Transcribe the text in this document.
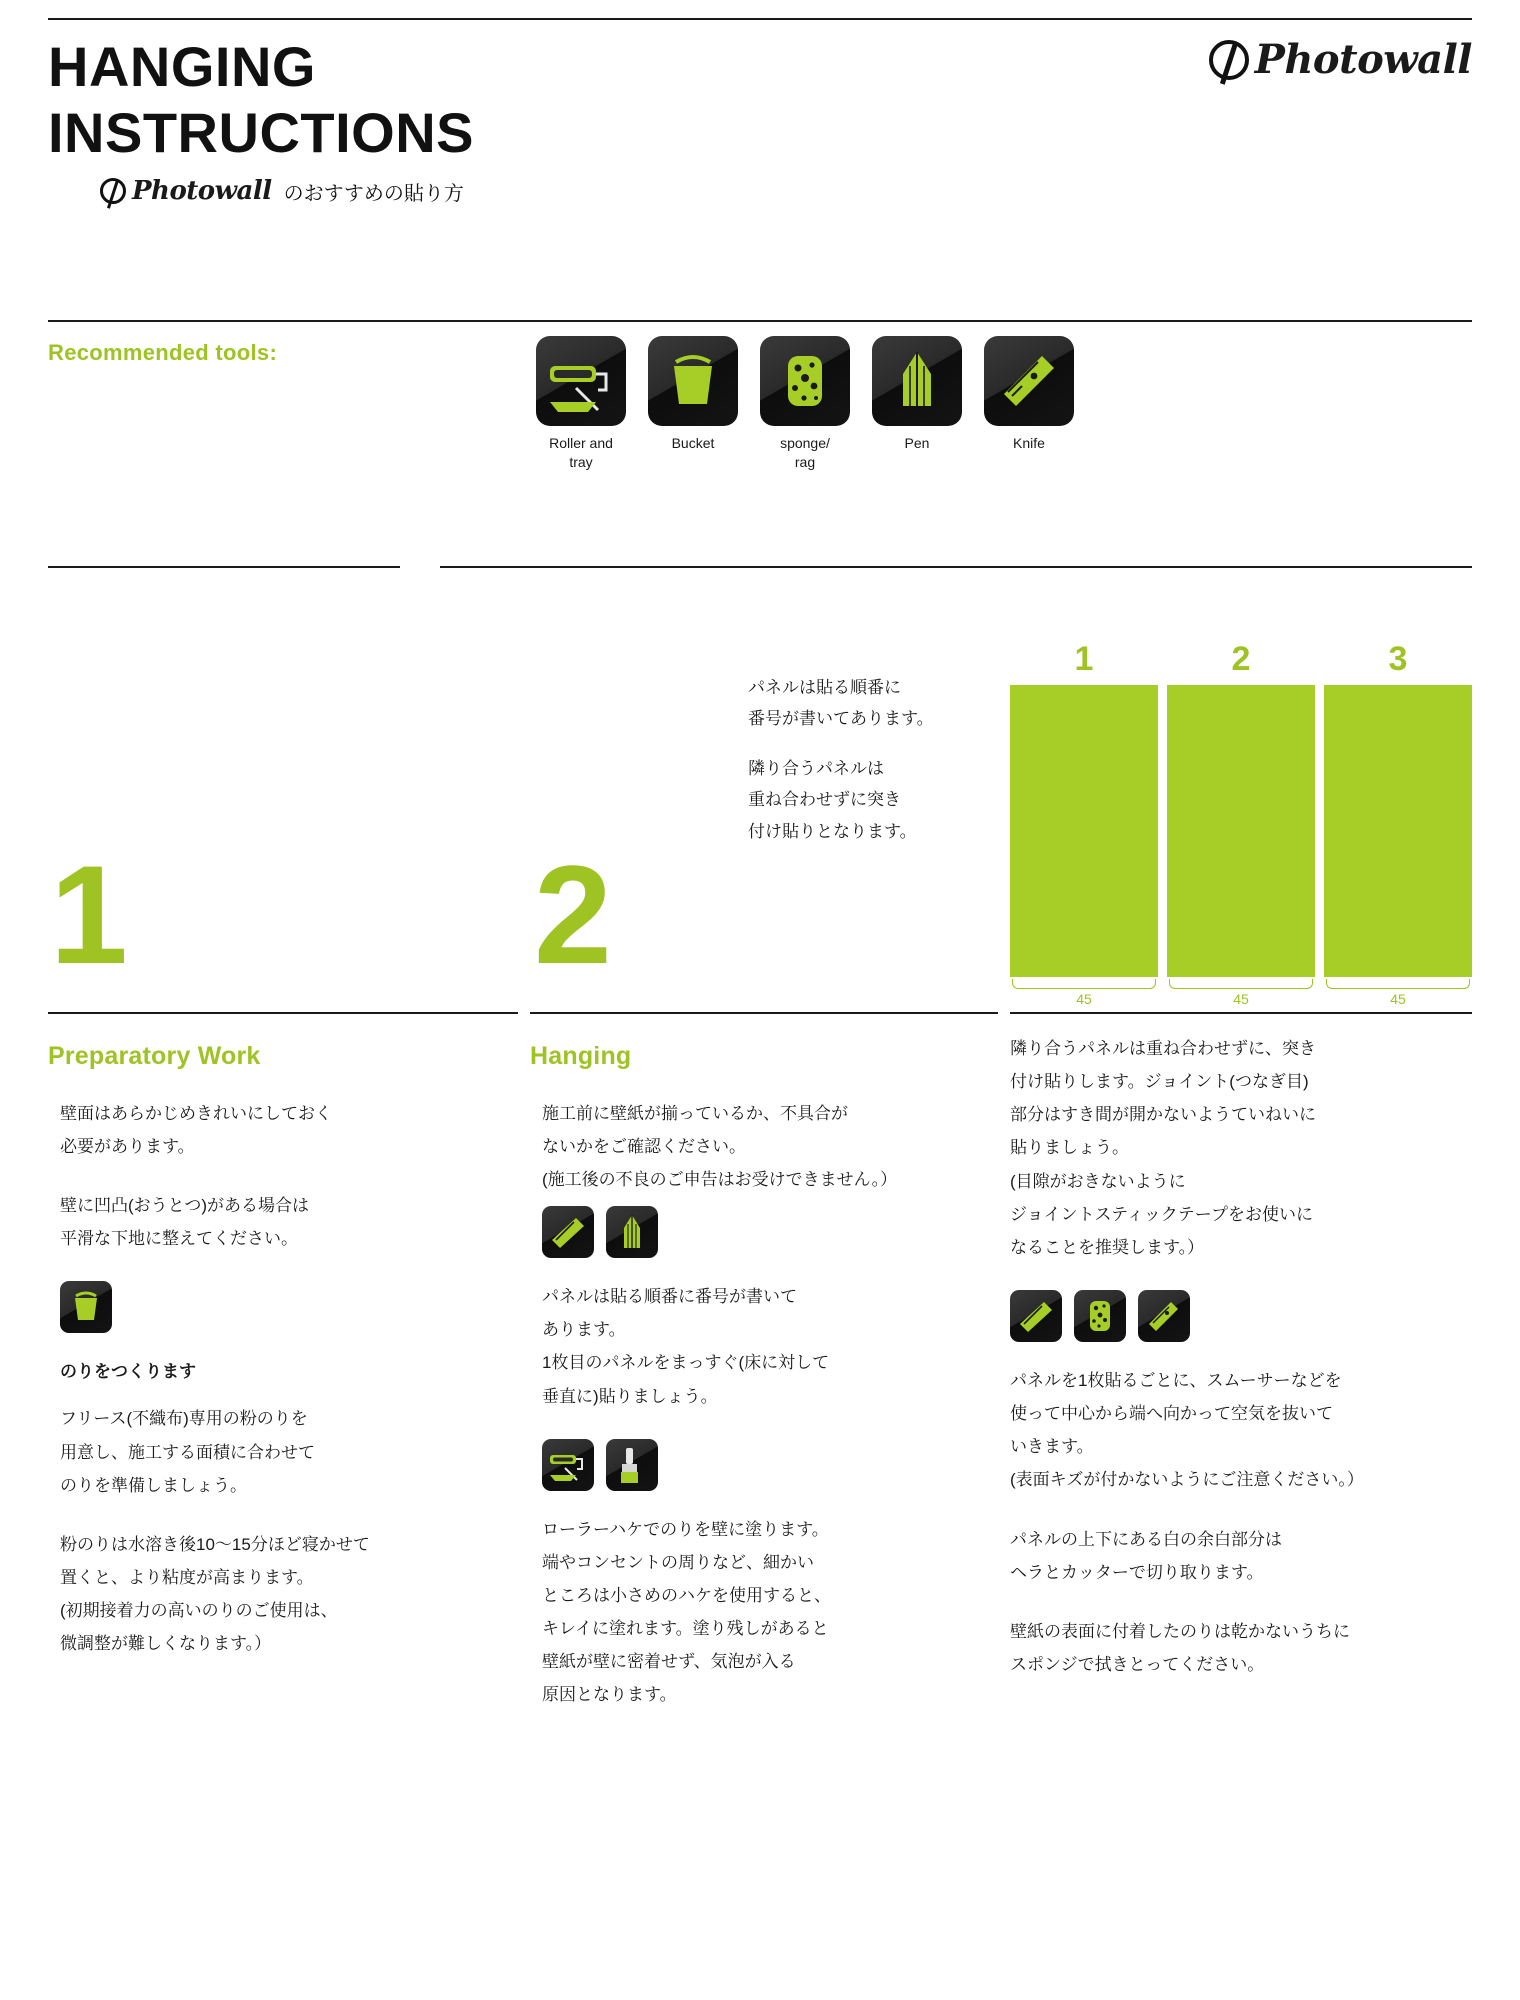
HANGING
INSTRUCTIONS
Photowall のおすすめの貼り方
Photowall
Recommended tools:
Roller and
tray
Bucket	sponge/
rag
Pen	Knife
1	2

パネルは貼る順番に
番号が書いてあります。

隣り合うパネルは
重ね合わせずに突き
付け貼りとなります。

1	2	3
45	45	45
Preparatory Work

壁面はあらかじめきれいにしておく
必要があります。

壁に凹凸(おうとつ)がある場合は
平滑な下地に整えてください。

のりをつくります
フリース(不織布)専用の粉のりを
用意し、施工する面積に合わせて
のりを準備しましょう。

粉のりは水溶き後10〜15分ほど寝かせて
置くと、より粘度が高まります。
(初期接着力の高いのりのご使用は、
微調整が難しくなります。）

Hanging

施工前に壁紙が揃っているか、不具合が
ないかをご確認ください。
(施工後の不良のご申告はお受けできません。）

パネルは貼る順番に番号が書いて
あります。
1枚目のパネルをまっすぐ(床に対して
垂直に)貼りましょう。

ローラーハケでのりを壁に塗ります。
端やコンセントの周りなど、細かい
ところは小さめのハケを使用すると、
キレイに塗れます。塗り残しがあると
壁紙が壁に密着せず、気泡が入る
原因となります。

隣り合うパネルは重ね合わせずに、突き
付け貼りします。ジョイント(つなぎ目)
部分はすき間が開かないようていねいに
貼りましょう。
(目隙がおきないように
ジョイントスティックテープをお使いに
なることを推奨します。）

パネルを1枚貼るごとに、スムーサーなどを
使って中心から端へ向かって空気を抜いて
いきます。
(表面キズが付かないようにご注意ください。）

パネルの上下にある白の余白部分は
ヘラとカッターで切り取ります。

壁紙の表面に付着したのりは乾かないうちに
スポンジで拭きとってください。
